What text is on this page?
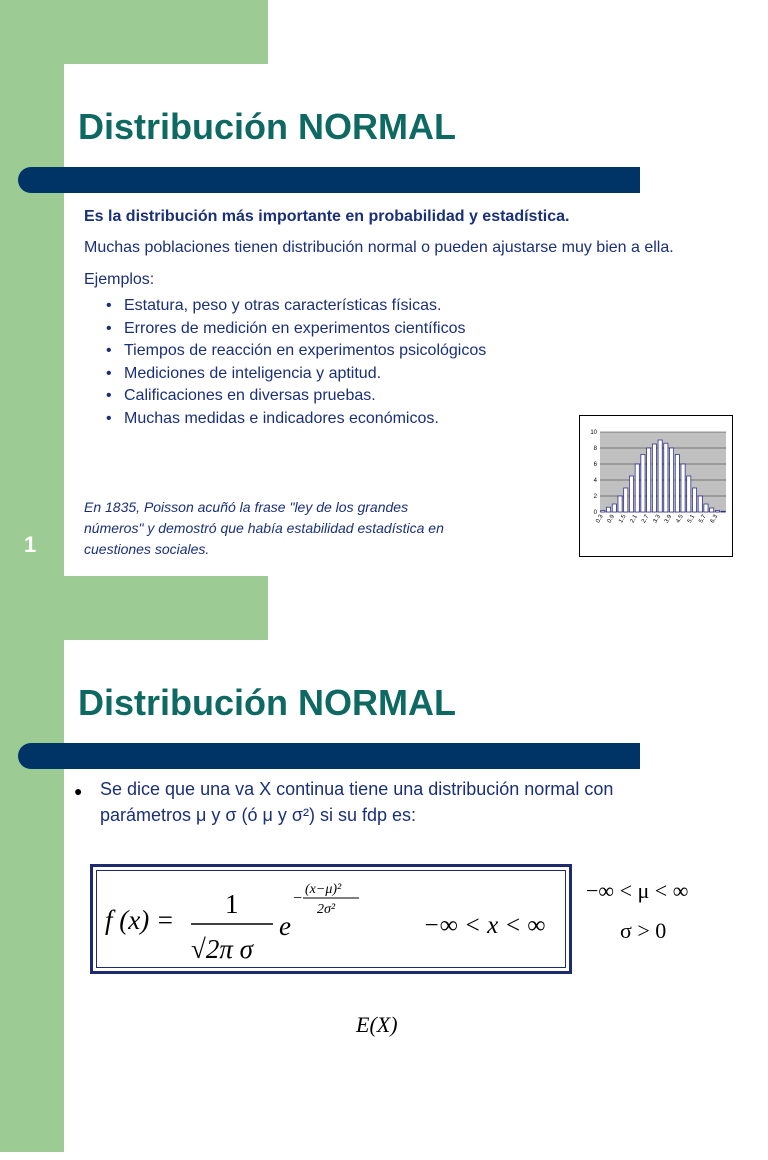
Distribución NORMAL
1

Es la distribución más importante en probabilidad y estadística.

Muchas poblaciones tienen distribución normal o pueden ajustarse muy bien a ella.

Ejemplos:

• Estatura, peso y otras características físicas.
• Errores de medición en experimentos científicos
• Tiempos de reacción en experimentos psicológicos
• Mediciones de inteligencia y aptitud.
• Calificaciones en diversas pruebas.
• Muchas medidas e indicadores económicos.
En 1835, Poisson acuñó la frase "ley de los grandes
números" y demostró que había estabilidad estadística en
cuestiones sociales.
0
2
4
6
8
10
0.3 0.9 1.5 2.1 2.7 3.3 3.9 4.5 5.1 5.7 6.3
Distribución NORMAL
● Se dice que una va X continua tiene una distribución normal con
parámetros μ y σ (ó μ y σ²) si su fdp es:
f (x) =
1
√2π σ
e
−
(x−μ)²
2σ²
−∞ < x < ∞
−∞ < μ < ∞
σ > 0
E(X)
